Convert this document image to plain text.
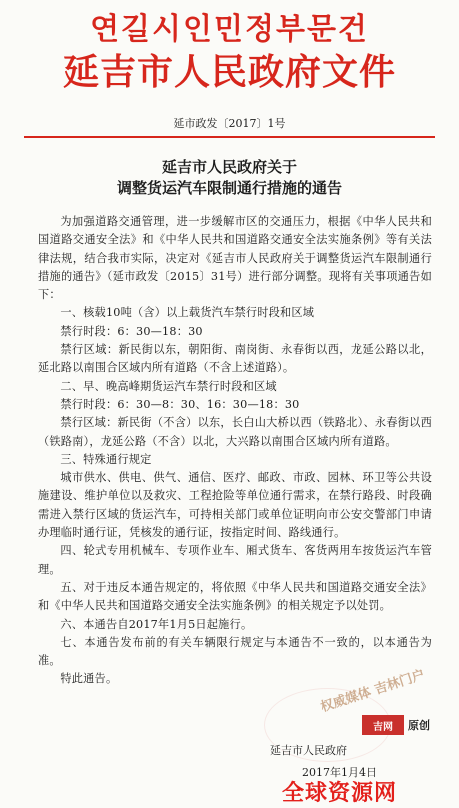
연길시인민정부문건
延吉市人民政府文件
延市政发〔2017〕1号
延吉市人民政府关于
调整货运汽车限制通行措施的通告

为加强道路交通管理，进一步缓解市区的交通压力，根据《中华人民共和国道路交通安全法》和《中华人民共和国道路交通安全法实施条例》等有关法律法规，结合我市实际，决定对《延吉市人民政府关于调整货运汽车限制通行措施的通告》（延市政发〔2015〕31号）进行部分调整。现将有关事项通告如下：

一、核载10吨（含）以上载货汽车禁行时段和区域

禁行时段：6：30—18：30

禁行区域：新民街以东，朝阳街、南岗街、永春街以西，龙延公路以北，延北路以南围合区域内所有道路（不含上述道路）。

二、早、晚高峰期货运汽车禁行时段和区域

禁行时段：6：30—8：30、16：30—18：30

禁行区域：新民街（不含）以东，长白山大桥以西（铁路北）、永春街以西（铁路南），龙延公路（不含）以北，大兴路以南围合区域内所有道路。

三、特殊通行规定

城市供水、供电、供气、通信、医疗、邮政、市政、园林、环卫等公共设施建设、维护单位以及救灾、工程抢险等单位通行需求，在禁行路段、时段确需进入禁行区域的货运汽车，可持相关部门或单位证明向市公安交警部门申请办理临时通行证，凭核发的通行证，按指定时间、路线通行。

四、轮式专用机械车、专项作业车、厢式货车、客货两用车按货运汽车管理。

五、对于违反本通告规定的，将依照《中华人民共和国道路交通安全法》和《中华人民共和国道路交通安全法实施条例》的相关规定予以处罚。

六、本通告自2017年1月5日起施行。

七、本通告发布前的有关车辆限行规定与本通告不一致的，以本通告为准。

特此通告。	权威媒体 吉林门户
吉网	原创
延吉市人民政府
2017年1月4日
全球资源网
